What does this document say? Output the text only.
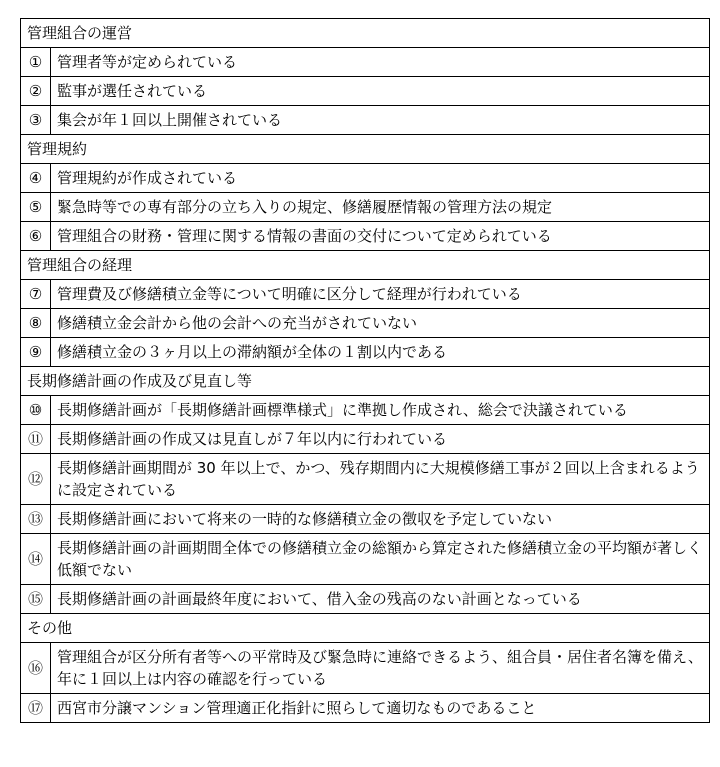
管理組合の運営	
①	管理者等が定められている
②	監事が選任されている
③	集会が年１回以上開催されている
管理規約	
④	管理規約が作成されている
⑤	緊急時等での専有部分の立ち入りの規定、修繕履歴情報の管理方法の規定
⑥	管理組合の財務・管理に関する情報の書面の交付について定められている
管理組合の経理	
⑦	管理費及び修繕積立金等について明確に区分して経理が行われている
⑧	修繕積立金会計から他の会計への充当がされていない
⑨	修繕積立金の３ヶ月以上の滞納額が全体の１割以内である
長期修繕計画の作成及び見直し等	
⑩	長期修繕計画が「長期修繕計画標準様式」に準拠し作成され、総会で決議されている
⑪	長期修繕計画の作成又は見直しが７年以内に行われている
⑫	長期修繕計画期間が 30 年以上で、かつ、残存期間内に大規模修繕工事が２回以上含まれるように設定されている
⑬	長期修繕計画において将来の一時的な修繕積立金の徴収を予定していない
⑭	長期修繕計画の計画期間全体での修繕積立金の総額から算定された修繕積立金の平均額が著しく低額でない
⑮	長期修繕計画の計画最終年度において、借入金の残高のない計画となっている
その他	
⑯	管理組合が区分所有者等への平常時及び緊急時に連絡できるよう、組合員・居住者名簿を備え、年に１回以上は内容の確認を行っている
⑰	西宮市分譲マンション管理適正化指針に照らして適切なものであること
